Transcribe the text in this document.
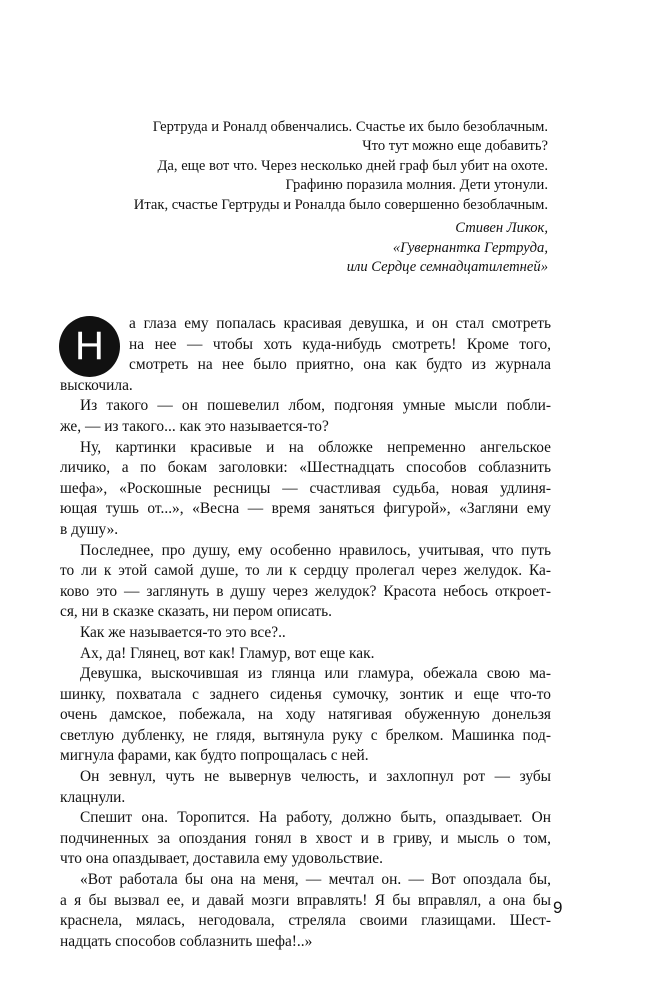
Гертруда и Роналд обвенчались. Счастье их было безоблачным.
Что тут можно еще добавить?
Да, еще вот что. Через несколько дней граф был убит на охоте.
Графиню поразила молния. Дети утонули.
Итак, счастье Гертруды и Роналда было совершенно безоблачным.
Стивен Ликок,
«Гувернантка Гертруда,
или Сердце семнадцатилетней»
Н
а глаза ему попалась красивая девушка, и он стал смотреть
на нее — чтобы хоть куда-нибудь смотреть! Кроме того,
смотреть на нее было приятно, она как будто из журнала
выскочила.
Из такого — он пошевелил лбом, подгоняя умные мысли побли-
же, — из такого... как это называется-то?
Ну, картинки красивые и на обложке непременно ангельское
личико, а по бокам заголовки: «Шестнадцать способов соблазнить
шефа», «Роскошные ресницы — счастливая судьба, новая удлиня-
ющая тушь от...», «Весна — время заняться фигурой», «Загляни ему
в душу».
Последнее, про душу, ему особенно нравилось, учитывая, что путь
то ли к этой самой душе, то ли к сердцу пролегал через желудок. Ка-
ково это — заглянуть в душу через желудок? Красота небось откроет-
ся, ни в сказке сказать, ни пером описать.
Как же называется-то это все?..
Ах, да! Глянец, вот как! Гламур, вот еще как.
Девушка, выскочившая из глянца или гламура, обежала свою ма-
шинку, похватала с заднего сиденья сумочку, зонтик и еще что-то
очень дамское, побежала, на ходу натягивая обуженную донельзя
светлую дубленку, не глядя, вытянула руку с брелком. Машинка под-
мигнула фарами, как будто попрощалась с ней.
Он зевнул, чуть не вывернув челюсть, и захлопнул рот — зубы
клацнули.
Спешит она. Торопится. На работу, должно быть, опаздывает. Он
подчиненных за опоздания гонял в хвост и в гриву, и мысль о том,
что она опаздывает, доставила ему удовольствие.
«Вот работала бы она на меня, — мечтал он. — Вот опоздала бы,
а я бы вызвал ее, и давай мозги вправлять! Я бы вправлял, а она бы
краснела, мялась, негодовала, стреляла своими глазищами. Шест-
надцать способов соблазнить шефа!..»
9
